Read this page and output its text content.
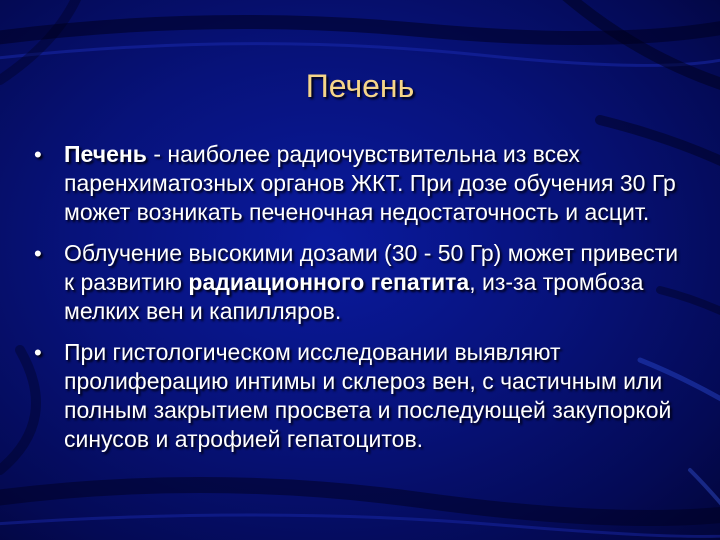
Печень
• Печень - наиболее радиочувствительна из всех паренхиматозных органов ЖКТ. При дозе обучения 30 Гр может возникать печеночная недостаточность и асцит.
• Облучение высокими дозами (30 - 50 Гр) может привести к развитию радиационного гепатита, из-за тромбоза мелких вен и капилляров.
• При гистологическом исследовании выявляют пролиферацию интимы и склероз вен, с частичным или полным закрытием просвета и последующей закупоркой синусов и атрофией гепатоцитов.
